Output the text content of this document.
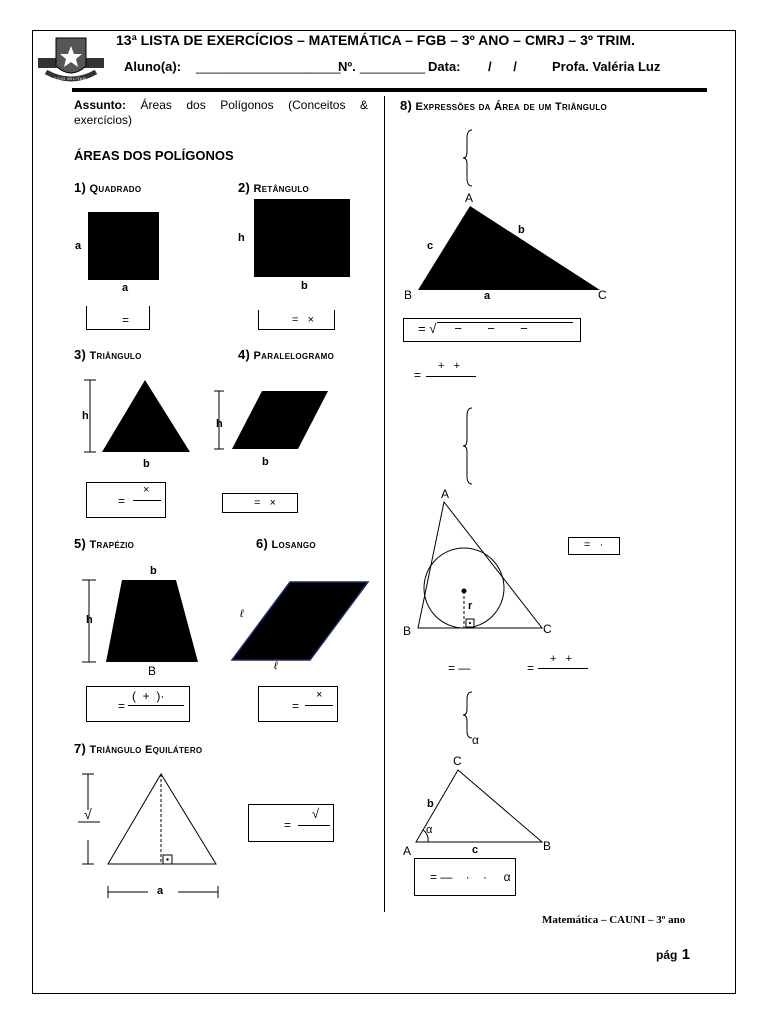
COLEGIO MILITAR
13ª LISTA DE EXERCÍCIOS – MATEMÁTICA – FGB – 3º ANO – CMRJ – 3º TRIM.
Aluno(a): ____________________
Nº. _________ Data: /      /	Profa. Valéria Luz
Assunto: Áreas dos Polígonos (Conceitos & exercícios)
ÁREAS DOS POLÍGONOS
1) Quadrado
a
a
=
2) Retângulo
h
b
=   ×
3) Triângulo
h
b
=
×
4) Paralelogramo
h
b
=   ×
5) Trapézio
b
h
B
=
(  +  )·
6) Losango
ℓ
ℓ
=
×
7) Triângulo Equilátero
√
a
=
√
8) Expressões da Área de um Triângulo
A
B	C
c
b
a
= √     −       −       −
=
+   +
A
B	C
r
=   ·
= —	=
+   +
α
C
A	B
b
c
α
= —    ·    ·     α
Matemática – CAUNI – 3º ano
pág 1
